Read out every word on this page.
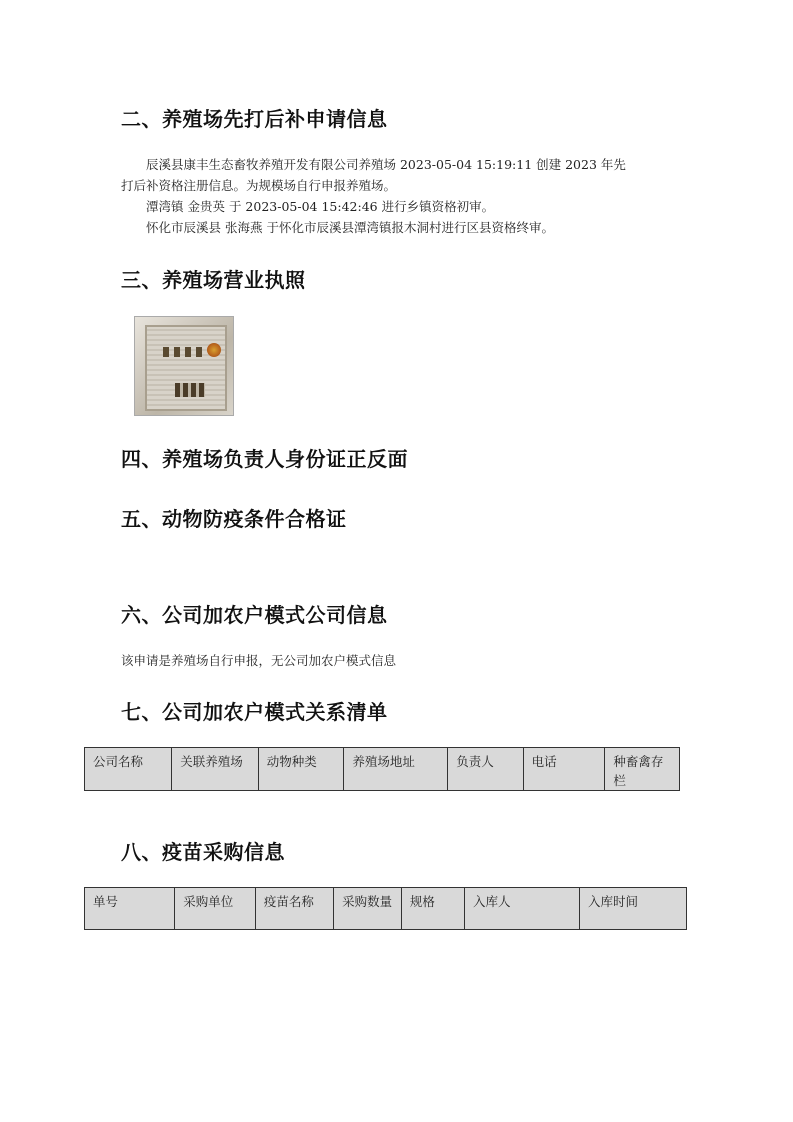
二、养殖场先打后补申请信息

辰溪县康丰生态畜牧养殖开发有限公司养殖场 2023-05-04 15:19:11 创建 2023 年先

打后补资格注册信息。为规模场自行申报养殖场。

潭湾镇 金贵英 于 2023-05-04 15:42:46 进行乡镇资格初审。

怀化市辰溪县 张海燕 于怀化市辰溪县潭湾镇报木洞村进行区县资格终审。

三、养殖场营业执照
四、养殖场负责人身份证正反面
五、动物防疫条件合格证
六、公司加农户模式公司信息

该申请是养殖场自行申报，无公司加农户模式信息

七、公司加农户模式关系清单
公司名称	关联养殖场	动物种类	养殖场地址	负责人	电话	种畜禽存栏
八、疫苗采购信息
单号	采购单位	疫苗名称	采购数量	规格	入库人	入库时间
